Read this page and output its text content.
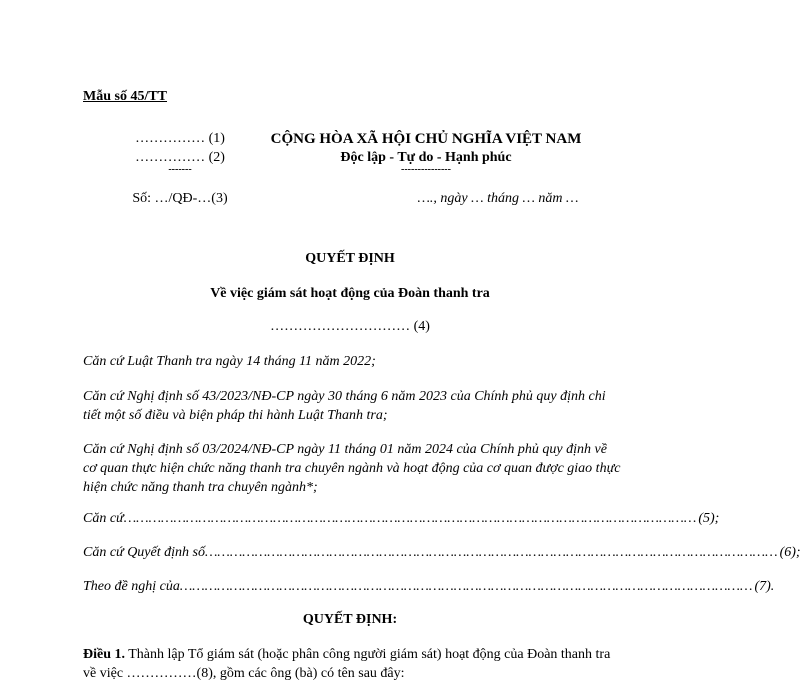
Mẫu số 45/TT
…………… (1)
…………… (2)
-------
Số: …/QĐ-…(3)
CỘNG HÒA XÃ HỘI CHỦ NGHĨA VIỆT NAM
Độc lập - Tự do - Hạnh phúc
---------------
…., ngày … tháng … năm …
QUYẾT ĐỊNH
Về việc giám sát hoạt động của Đoàn thanh tra
………………………… (4)
Căn cứ Luật Thanh tra ngày 14 tháng 11 năm 2022;
Căn cứ Nghị định số 43/2023/NĐ-CP ngày 30 tháng 6 năm 2023 của Chính phủ quy định chi tiết một số điều và biện pháp thi hành Luật Thanh tra;
Căn cứ Nghị định số 03/2024/NĐ-CP ngày 11 tháng 01 năm 2024 của Chính phủ quy định về cơ quan thực hiện chức năng thanh tra chuyên ngành và hoạt động của cơ quan được giao thực hiện chức năng thanh tra chuyên ngành*;
Căn cứ ………………………………………………………………………………………………………………………… (5);
Căn cứ Quyết định số ………………………………………………………………………………………………………………………… (6);
Theo đề nghị của ………………………………………………………………………………………………………………………… (7).
QUYẾT ĐỊNH:
Điều 1. Thành lập Tổ giám sát (hoặc phân công người giám sát) hoạt động của Đoàn thanh tra về việc ……………(8), gồm các ông (bà) có tên sau đây:
